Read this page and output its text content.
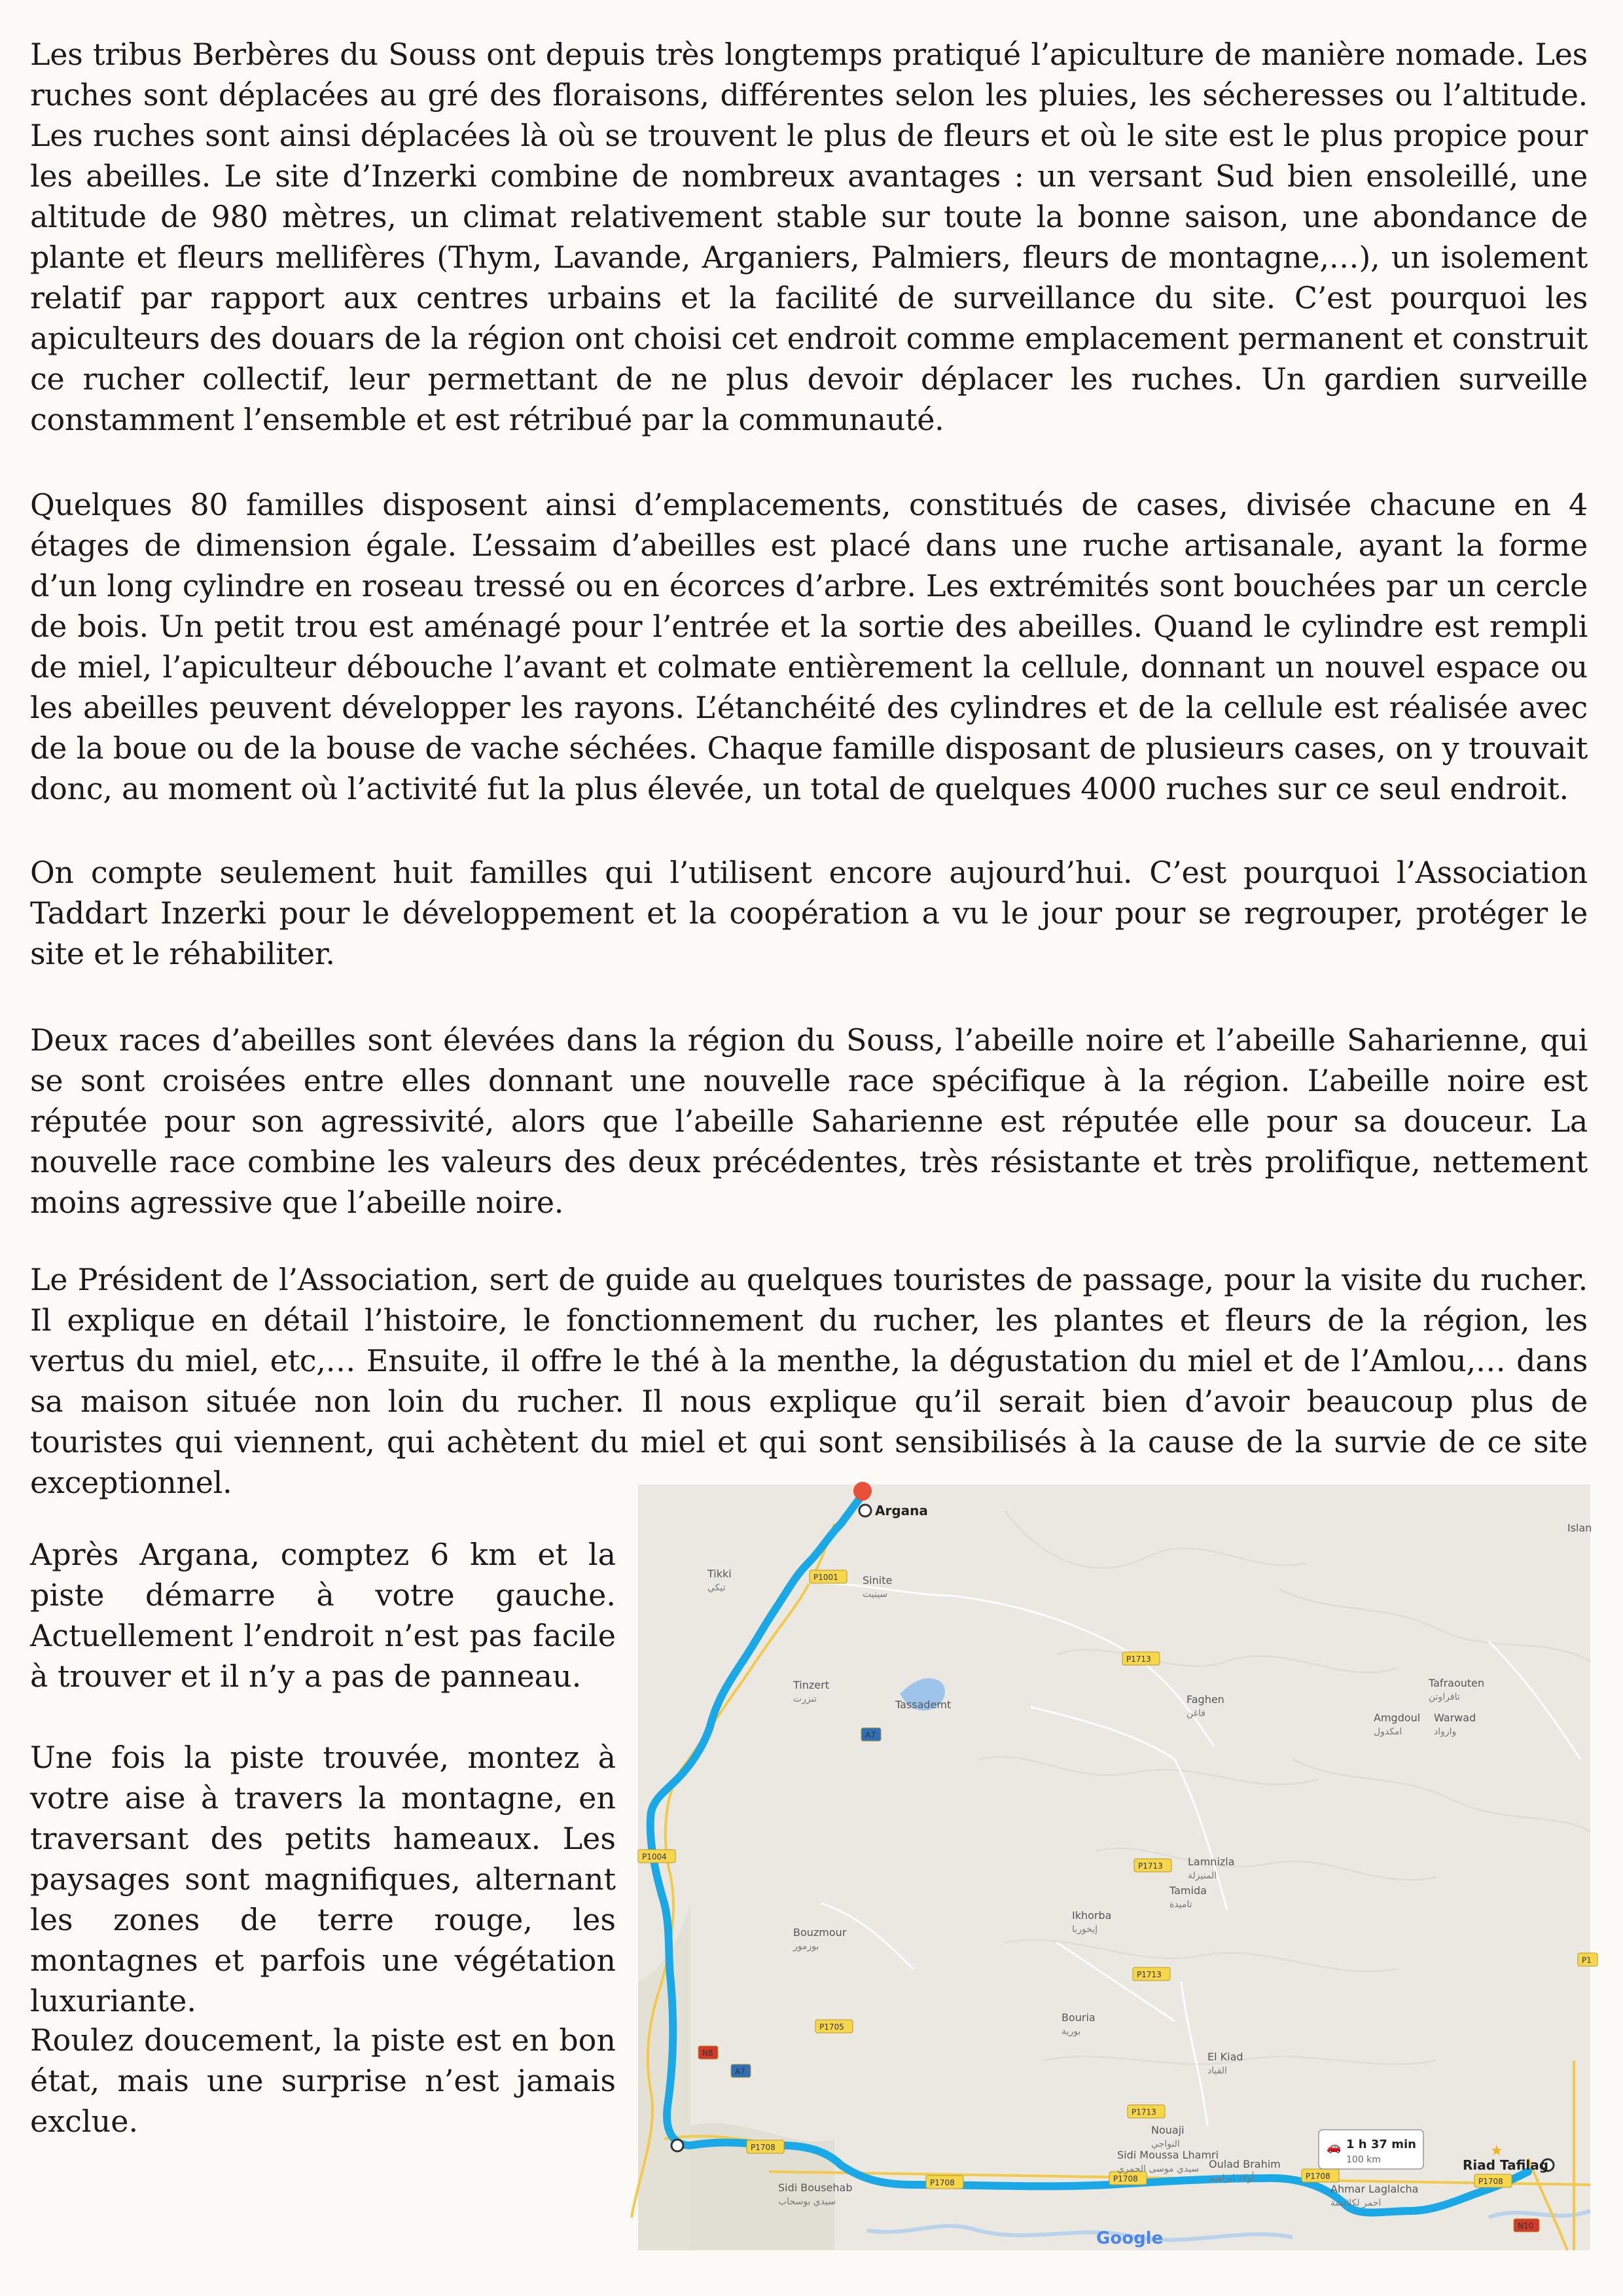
Les tribus Berbères du Souss ont depuis très longtemps pratiqué l’apiculture de manière nomade. Les ruches sont déplacées au gré des floraisons, différentes selon les pluies, les sécheresses ou l’altitude. Les ruches sont ainsi déplacées là où se trouvent le plus de fleurs et où le site est le plus propice pour les abeilles. Le site d’Inzerki combine de nombreux avantages : un versant Sud bien ensoleillé, une altitude de 980 mètres, un climat relativement stable sur toute la bonne saison, une abondance de plante et fleurs mellifères (Thym, Lavande, Arganiers, Palmiers, fleurs de montagne,…), un isolement relatif par rapport aux centres urbains et la facilité de surveillance du site. C’est pourquoi les apiculteurs des douars de la région ont choisi cet endroit comme emplacement permanent et construit ce rucher collectif, leur permettant de ne plus devoir déplacer les ruches. Un gardien surveille constamment l’ensemble et est rétribué par la communauté.

Quelques 80 familles disposent ainsi d’emplacements, constitués de cases, divisée chacune en 4 étages de dimension égale. L’essaim d’abeilles est placé dans une ruche artisanale, ayant la forme d’un long cylindre en roseau tressé ou en écorces d’arbre. Les extrémités sont bouchées par un cercle de bois. Un petit trou est aménagé pour l’entrée et la sortie des abeilles. Quand le cylindre est rempli de miel, l’apiculteur débouche l’avant et colmate entièrement la cellule, donnant un nouvel espace ou les abeilles peuvent développer les rayons. L’étanchéité des cylindres et de la cellule est réalisée avec de la boue ou de la bouse de vache séchées. Chaque famille disposant de plusieurs cases, on y trouvait donc, au moment où l’activité fut la plus élevée, un total de quelques 4000 ruches sur ce seul endroit.

On compte seulement huit familles qui l’utilisent encore aujourd’hui. C’est pourquoi l’Association Taddart Inzerki pour le développement et la coopération a vu le jour pour se regrouper, protéger le site et le réhabiliter.

Deux races d’abeilles sont élevées dans la région du Souss, l’abeille noire et l’abeille Saharienne, qui se sont croisées entre elles donnant une nouvelle race spécifique à la région. L’abeille noire est réputée pour son agressivité, alors que l’abeille Saharienne est réputée elle pour sa douceur. La nouvelle race combine les valeurs des deux précédentes, très résistante et très prolifique, nettement moins agressive que l’abeille noire.

Le Président de l’Association, sert de guide au quelques touristes de passage, pour la visite du rucher. Il explique en détail l’histoire, le fonctionnement du rucher, les plantes et fleurs de la région, les vertus du miel, etc,… Ensuite, il offre le thé à la menthe, la dégustation du miel et de l’Amlou,… dans sa maison située non loin du rucher. Il nous explique qu’il serait bien d’avoir beaucoup plus de touristes qui viennent, qui achètent du miel et qui sont sensibilisés à la cause de la survie de ce site exceptionnel.

Après Argana, comptez 6 km et la piste démarre à votre gauche. Actuellement l’endroit n’est pas facile à trouver et il n’y a pas de panneau.

Une fois la piste trouvée, montez à votre aise à travers la montagne, en traversant des petits hameaux. Les paysages sont magnifiques, alternant les zones de terre rouge, les montagnes et parfois une végétation luxuriante.

Roulez doucement, la piste est en bon état, mais une surprise n’est jamais exclue.

P1001
P1713
A7
P1004
P1713
P1713
P1705
N8
A7
P1708
P1713
P1708	P1708	P1708
P1708
N10
P1
Tikki
تيكي
Sinite
سينيت
Tinzert
تنزرت	Tassademt	Faghen
فاغن
Tafraouten
تافراوتن
Amgdoul
امكدول
Warwad
وارواد
Lamnizla
المنيزلة
Tamida
تاميدة
Ikhorba
إيخوربا
Bouzmour
بوزمور
Bouria
بورية
El Kiad
القياد
Nouaji
النواجي
Sidi Moussa Lhamri
سيدي موسى الحمري Oulad Brahim
أولاد ابراهيم
Sidi Bousehab
سيدي بوسحاب
Ahmar Laglalcha
احمر لكلالشة
Islan
Argana
Riad Tafilag
★
🚗 1 h 37 min
100 km
Google
